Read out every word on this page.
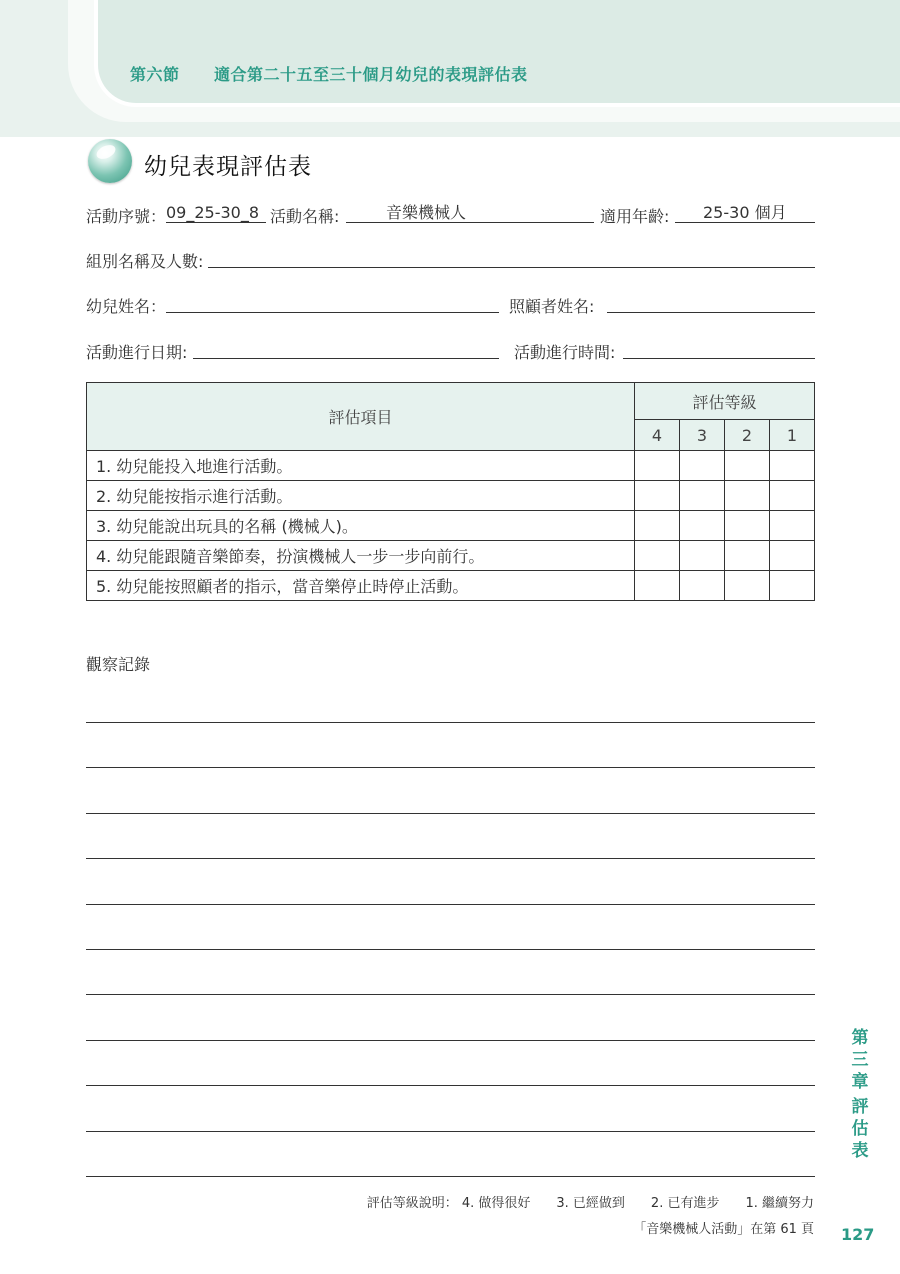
第六節 適合第二十五至三十個月幼兒的表現評估表
幼兒表現評估表
活動序號： 09_25-30_8 活動名稱:	音樂機械人	適用年齡:	25-30 個月
組別名稱及人數:
幼兒姓名：	照顧者姓名:
活動進行日期:	活動進行時間:
評估項目	評估等級			
	4	3	2	1
1. 幼兒能投入地進行活動。				
2. 幼兒能按指示進行活動。				
3. 幼兒能說出玩具的名稱 (機械人)。				
4. 幼兒能跟隨音樂節奏，扮演機械人一步一步向前行。				
5. 幼兒能按照顧者的指示，當音樂停止時停止活動。				
觀察記錄
第
三
章
評
估
表
評估等級說明： 4. 做得很好　　3. 已經做到　　2. 已有進步　　1. 繼續努力
「音樂機械人活動」在第 61 頁 127
